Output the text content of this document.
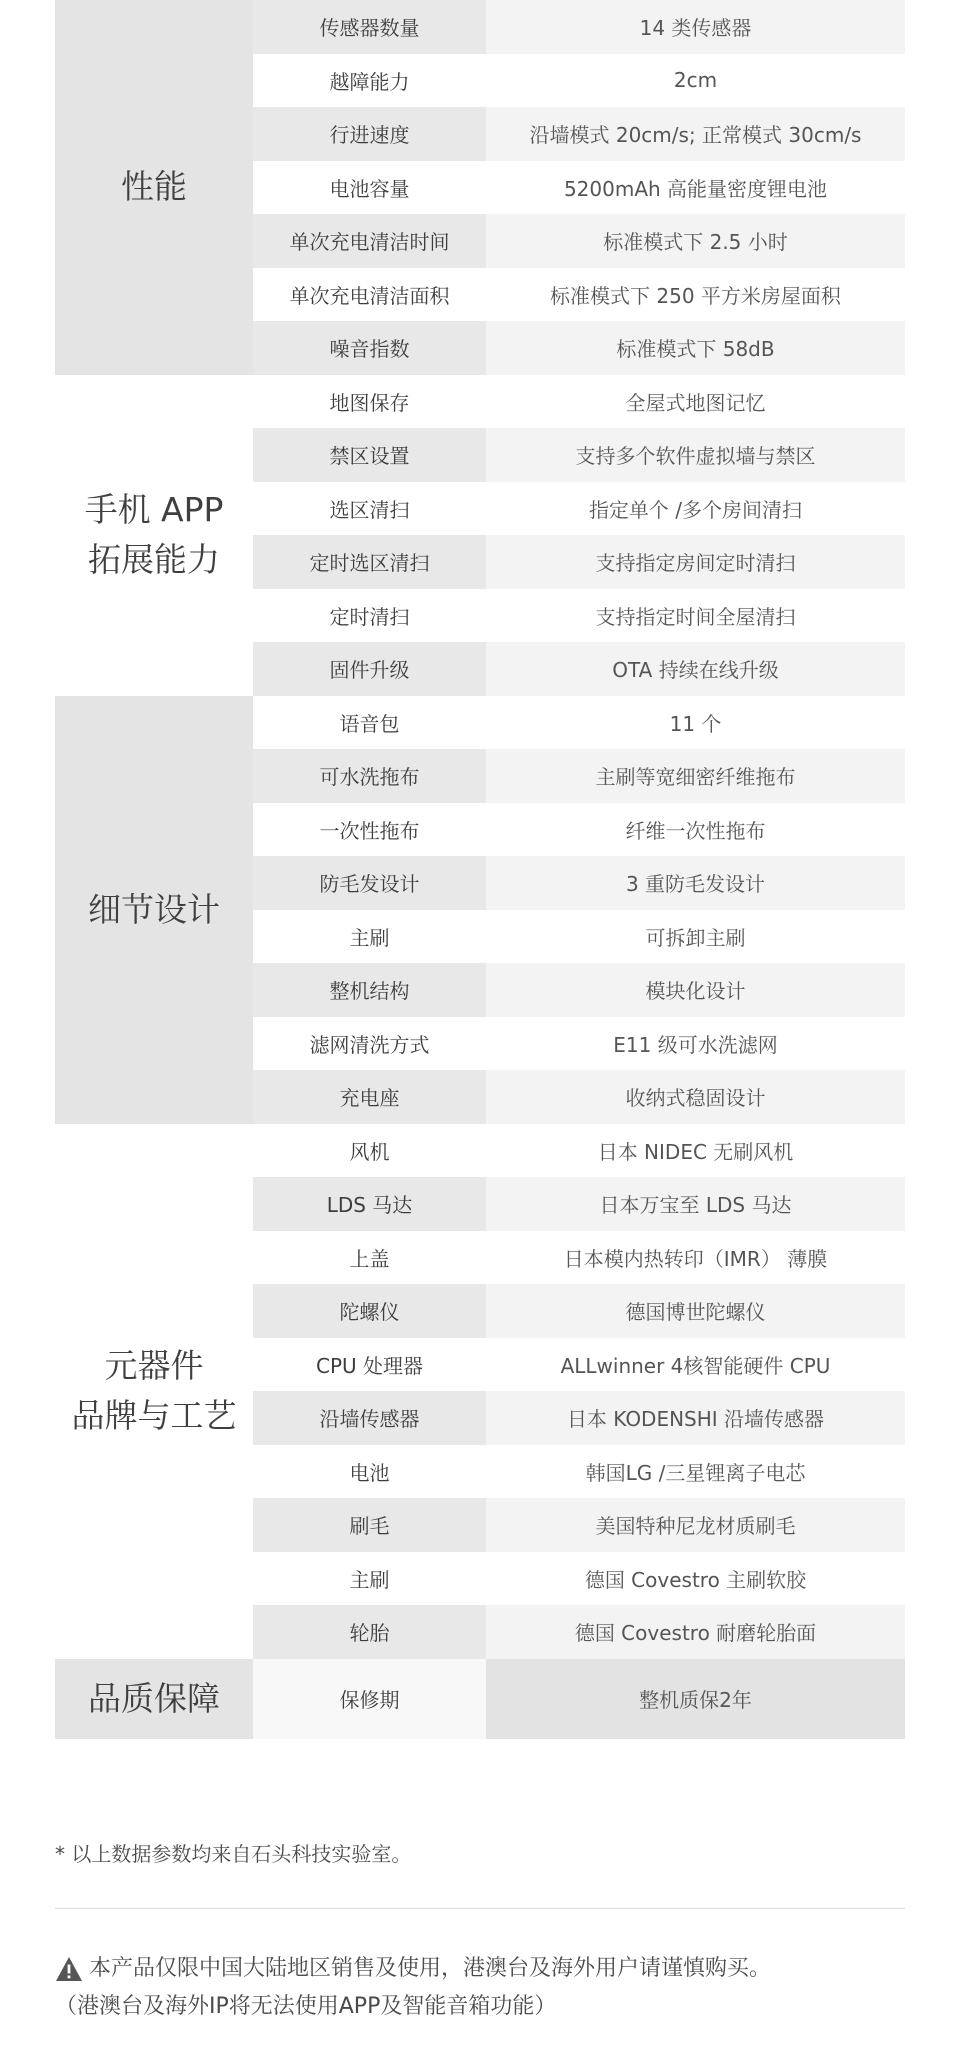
性能
传感器数量	14 类传感器
越障能力	2cm
行进速度	沿墙模式 20cm/s; 正常模式 30cm/s
电池容量	5200mAh 高能量密度锂电池
单次充电清洁时间	标准模式下 2.5 小时
单次充电清洁面积	标准模式下 250 平方米房屋面积
噪音指数	标准模式下 58dB
手机 APP
拓展能力
地图保存	全屋式地图记忆
禁区设置	支持多个软件虚拟墙与禁区
选区清扫	指定单个 /多个房间清扫
定时选区清扫	支持指定房间定时清扫
定时清扫	支持指定时间全屋清扫
固件升级	OTA 持续在线升级
细节设计
语音包	11 个
可水洗拖布	主刷等宽细密纤维拖布
一次性拖布	纤维一次性拖布
防毛发设计	3 重防毛发设计
主刷	可拆卸主刷
整机结构	模块化设计
滤网清洗方式	E11 级可水洗滤网
充电座	收纳式稳固设计
元器件
品牌与工艺
风机	日本 NIDEC 无刷风机
LDS 马达	日本万宝至 LDS 马达
上盖	日本模内热转印（IMR） 薄膜
陀螺仪	德国博世陀螺仪
CPU 处理器	ALLwinner 4核智能硬件 CPU
沿墙传感器	日本 KODENSHI 沿墙传感器
电池	韩国LG /三星锂离子电芯
刷毛	美国特种尼龙材质刷毛
主刷	德国 Covestro 主刷软胶
轮胎	德国 Covestro 耐磨轮胎面
品质保障	保修期	整机质保2年
* 以上数据参数均来自石头科技实验室。
本产品仅限中国大陆地区销售及使用，港澳台及海外用户请谨慎购买。
（港澳台及海外IP将无法使用APP及智能音箱功能）
